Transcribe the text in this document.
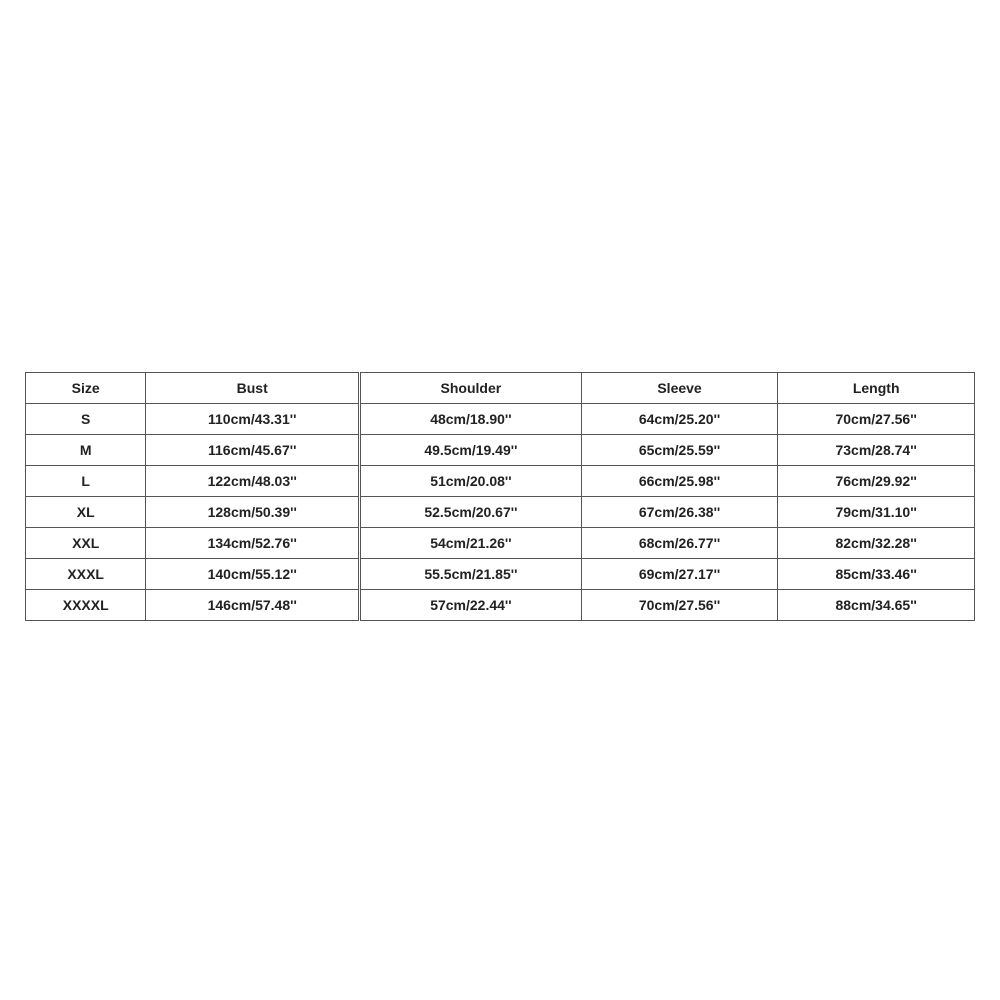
Size	Bust		Shoulder	Sleeve	Length
S	110cm/43.31''		48cm/18.90''	64cm/25.20''	70cm/27.56''
M	116cm/45.67''		49.5cm/19.49''	65cm/25.59''	73cm/28.74''
L	122cm/48.03''		51cm/20.08''	66cm/25.98''	76cm/29.92''
XL	128cm/50.39''		52.5cm/20.67''	67cm/26.38''	79cm/31.10''
XXL	134cm/52.76''		54cm/21.26''	68cm/26.77''	82cm/32.28''
XXXL	140cm/55.12''		55.5cm/21.85''	69cm/27.17''	85cm/33.46''
XXXXL	146cm/57.48''		57cm/22.44''	70cm/27.56''	88cm/34.65''
